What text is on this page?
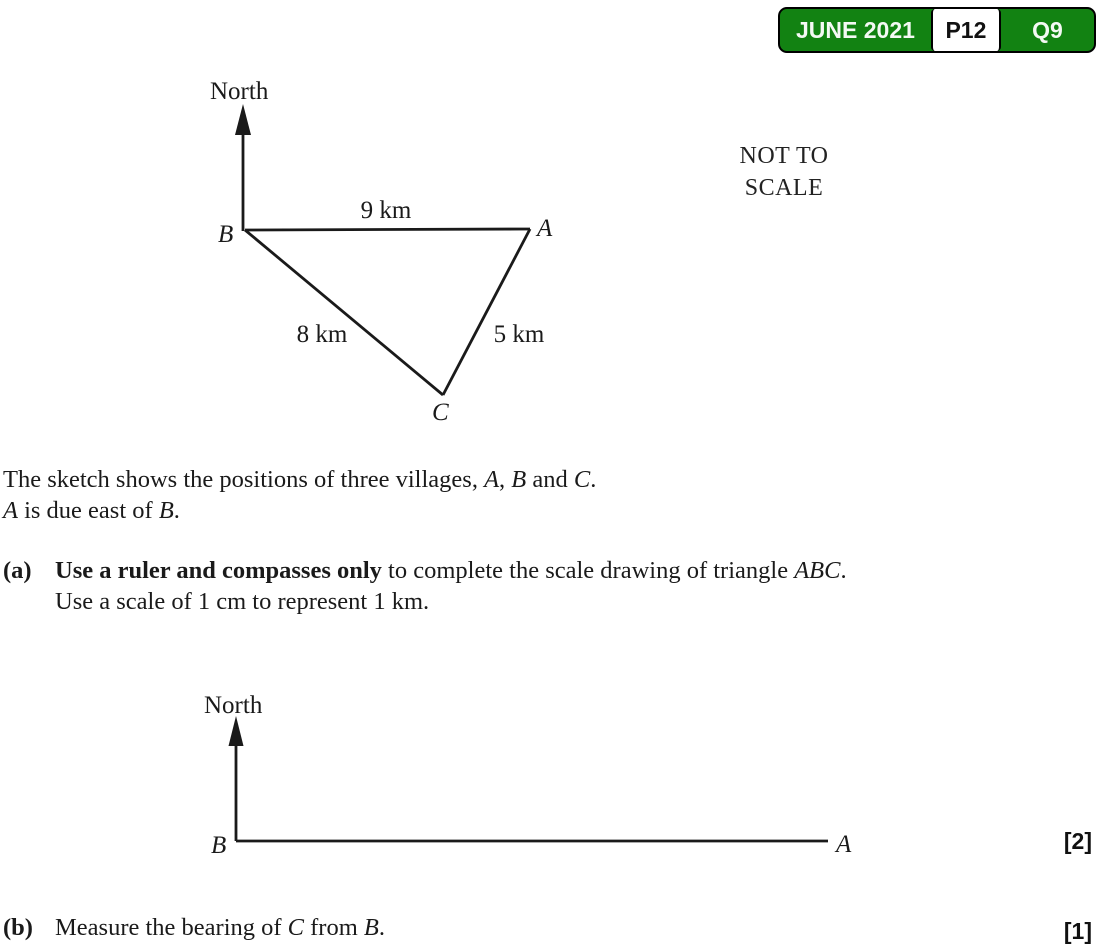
JUNE 2021	P12	Q9
NOT TO
SCALE
North
9 km
8 km	5 km
A
B
C
The sketch shows the positions of three villages, A, B and C.
A is due east of B.
(a) Use a ruler and compasses only to complete the scale drawing of triangle ABC.
Use a scale of 1 cm to represent 1 km.
North
B	A	[2]
[1]
(b) Measure the bearing of C from B.
